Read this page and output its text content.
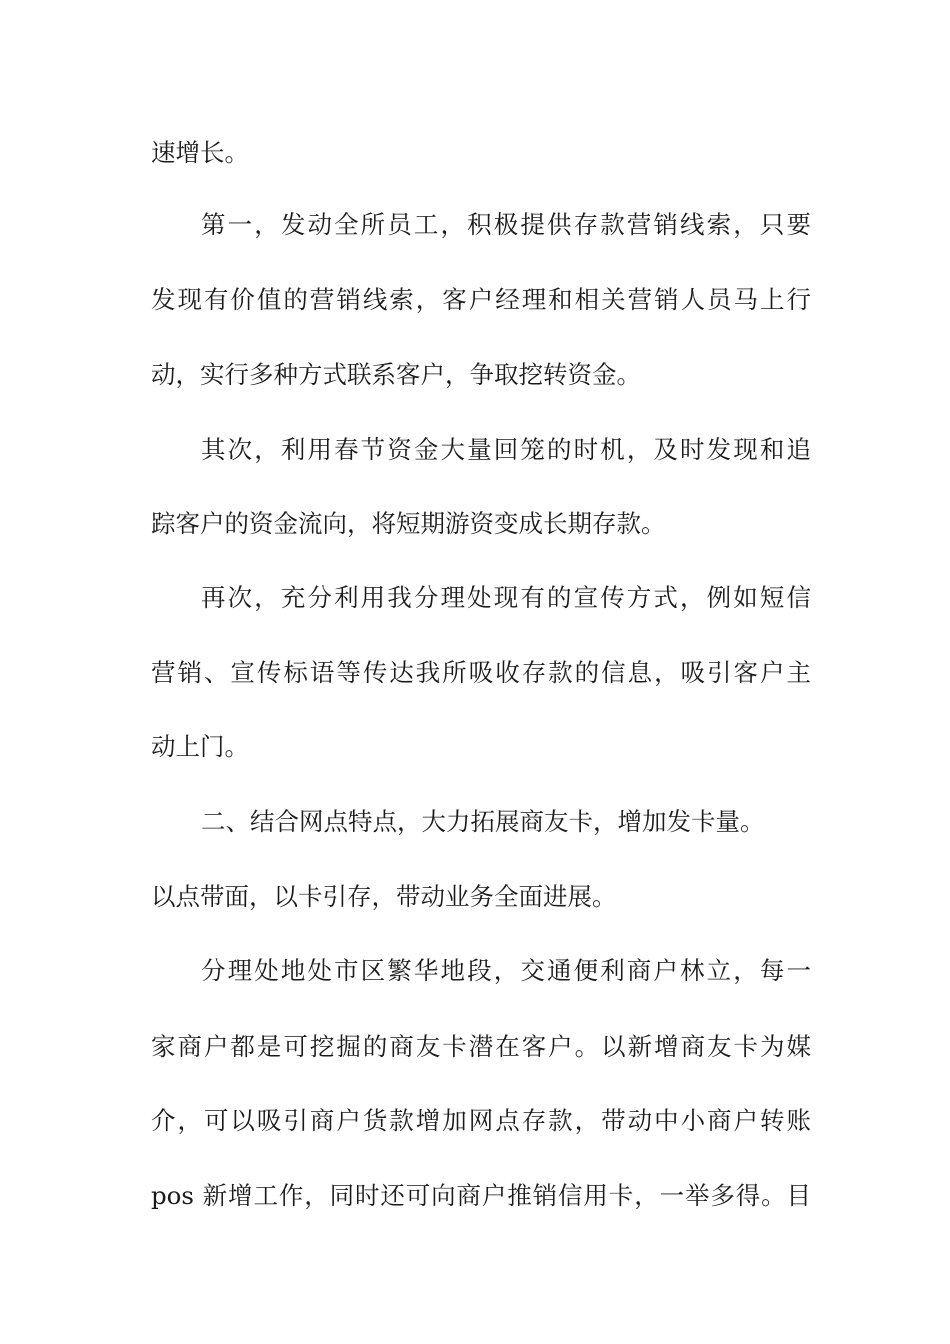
速增长。
第一，发动全所员工，积极提供存款营销线索，只要
发现有价值的营销线索，客户经理和相关营销人员马上行
动，实行多种方式联系客户，争取挖转资金。
其次，利用春节资金大量回笼的时机，及时发现和追
踪客户的资金流向，将短期游资变成长期存款。
再次，充分利用我分理处现有的宣传方式，例如短信
营销、宣传标语等传达我所吸收存款的信息，吸引客户主
动上门。
二、结合网点特点，大力拓展商友卡，增加发卡量。
以点带面，以卡引存，带动业务全面进展。
分理处地处市区繁华地段，交通便利商户林立，每一
家商户都是可挖掘的商友卡潜在客户。以新增商友卡为媒
介，可以吸引商户货款增加网点存款，带动中小商户转账
pos 新增工作，同时还可向商户推销信用卡，一举多得。目
